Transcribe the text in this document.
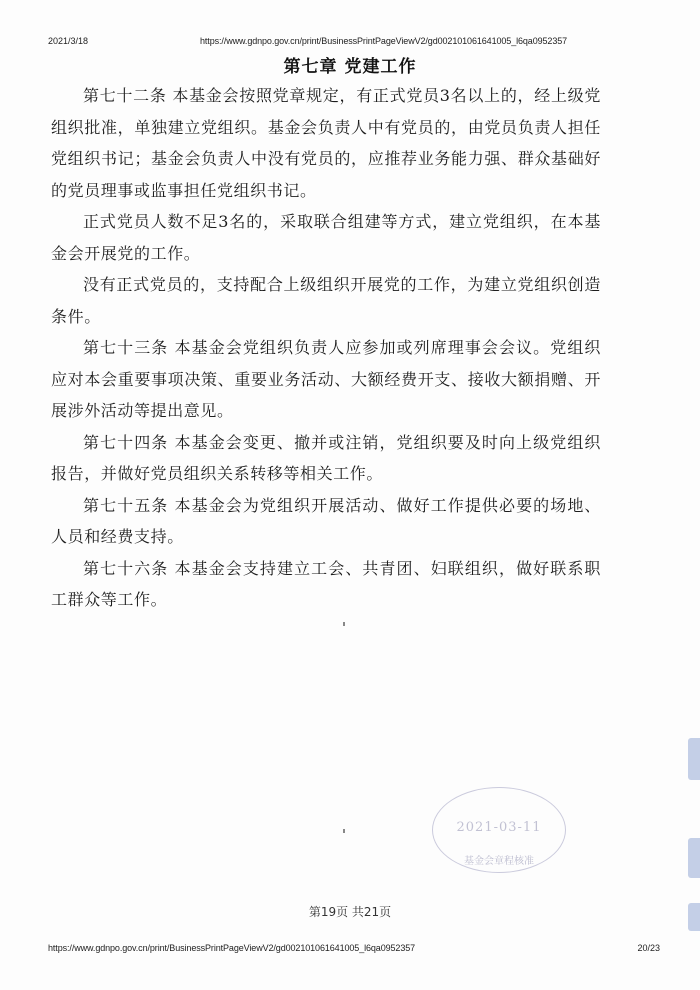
2021/3/18	https://www.gdnpo.gov.cn/print/BusinessPrintPageViewV2/gd002101061641005_l6qa0952357
第七章 党建工作

第七十二条 本基金会按照党章规定，有正式党员3名以上的，经上级党组织批准，单独建立党组织。基金会负责人中有党员的，由党员负责人担任党组织书记；基金会负责人中没有党员的，应推荐业务能力强、群众基础好的党员理事或监事担任党组织书记。

正式党员人数不足3名的，采取联合组建等方式，建立党组织，在本基金会开展党的工作。

没有正式党员的，支持配合上级组织开展党的工作，为建立党组织创造条件。

第七十三条 本基金会党组织负责人应参加或列席理事会会议。党组织应对本会重要事项决策、重要业务活动、大额经费开支、接收大额捐赠、开展涉外活动等提出意见。

第七十四条 本基金会变更、撤并或注销，党组织要及时向上级党组织报告，并做好党员组织关系转移等相关工作。

第七十五条 本基金会为党组织开展活动、做好工作提供必要的场地、人员和经费支持。

第七十六条 本基金会支持建立工会、共青团、妇联组织，做好联系职工群众等工作。

2021-03-11
基金会章程核准
第19页 共21页
https://www.gdnpo.gov.cn/print/BusinessPrintPageViewV2/gd002101061641005_l6qa0952357	20/23
